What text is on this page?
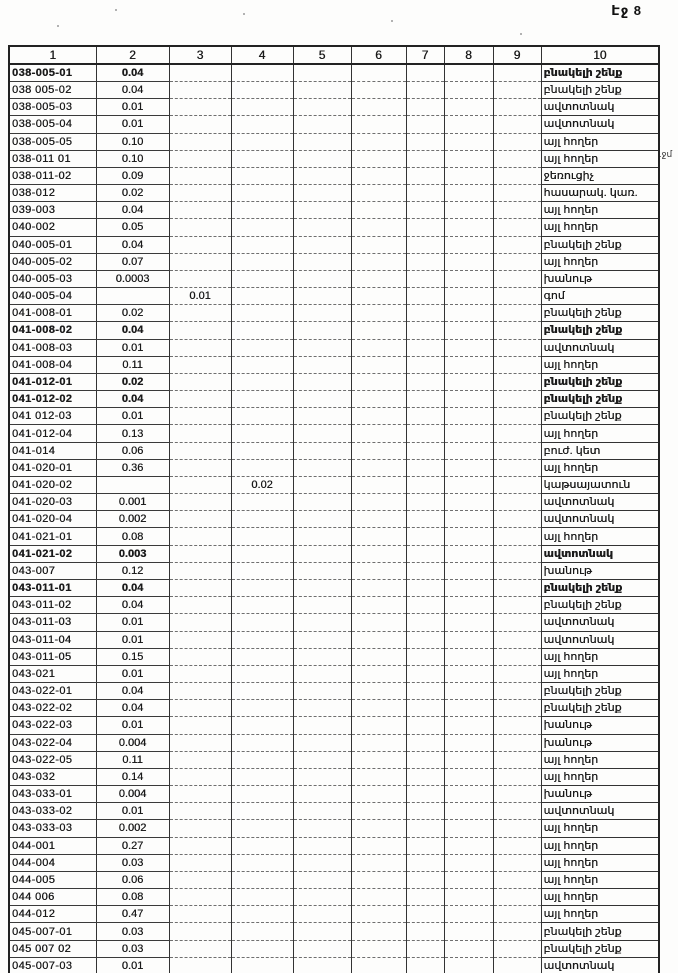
Էջ 8
.ջմ
1	2	3	4	5	6	7	8	9	10
038-005-01	0.04								բնակելի շենք
038 005-02	0.04								բնակելի շենք
038-005-03	0.01								ավտոտնակ
038-005-04	0.01								ավտոտնակ
038-005-05	0.10								այլ հողեր
038-011 01	0.10								այլ հողեր
038-011-02	0.09								ջեռուցիչ
038-012	0.02								հասարակ. կառ.
039-003	0.04								այլ հողեր
040-002	0.05								այլ հողեր
040-005-01	0.04								բնակելի շենք
040-005-02	0.07								այլ հողեր
040-005-03	0.0003								խանութ
040-005-04		0.01							գոմ
041-008-01	0.02								բնակելի շենք
041-008-02	0.04								բնակելի շենք
041-008-03	0.01								ավտոտնակ
041-008-04	0.11								այլ հողեր
041-012-01	0.02								բնակելի շենք
041-012-02	0.04								բնակելի շենք
041 012-03	0.01								բնակելի շենք
041-012-04	0.13								այլ հողեր
041-014	0.06								բուժ. կետ
041-020-01	0.36								այլ հողեր
041-020-02			0.02						կաթսայատուն
041-020-03	0.001								ավտոտնակ
041-020-04	0.002								ավտոտնակ
041-021-01	0.08								այլ հողեր
041-021-02	0.003								ավտոտնակ
043-007	0.12								խանութ
043-011-01	0.04								բնակելի շենք
043-011-02	0.04								բնակելի շենք
043-011-03	0.01								ավտոտնակ
043-011-04	0.01								ավտոտնակ
043-011-05	0.15								այլ հողեր
043-021	0.01								այլ հողեր
043-022-01	0.04								բնակելի շենք
043-022-02	0.04								բնակելի շենք
043-022-03	0.01								խանութ
043-022-04	0.004								խանութ
043-022-05	0.11								այլ հողեր
043-032	0.14								այլ հողեր
043-033-01	0.004								խանութ
043-033-02	0.01								ավտոտնակ
043-033-03	0.002								այլ հողեր
044-001	0.27								այլ հողեր
044-004	0.03								այլ հողեր
044-005	0.06								այլ հողեր
044 006	0.08								այլ հողեր
044-012	0.47								այլ հողեր
045-007-01	0.03								բնակելի շենք
045 007 02	0.03								բնակելի շենք
045-007-03	0.01								ավտոտնակ
